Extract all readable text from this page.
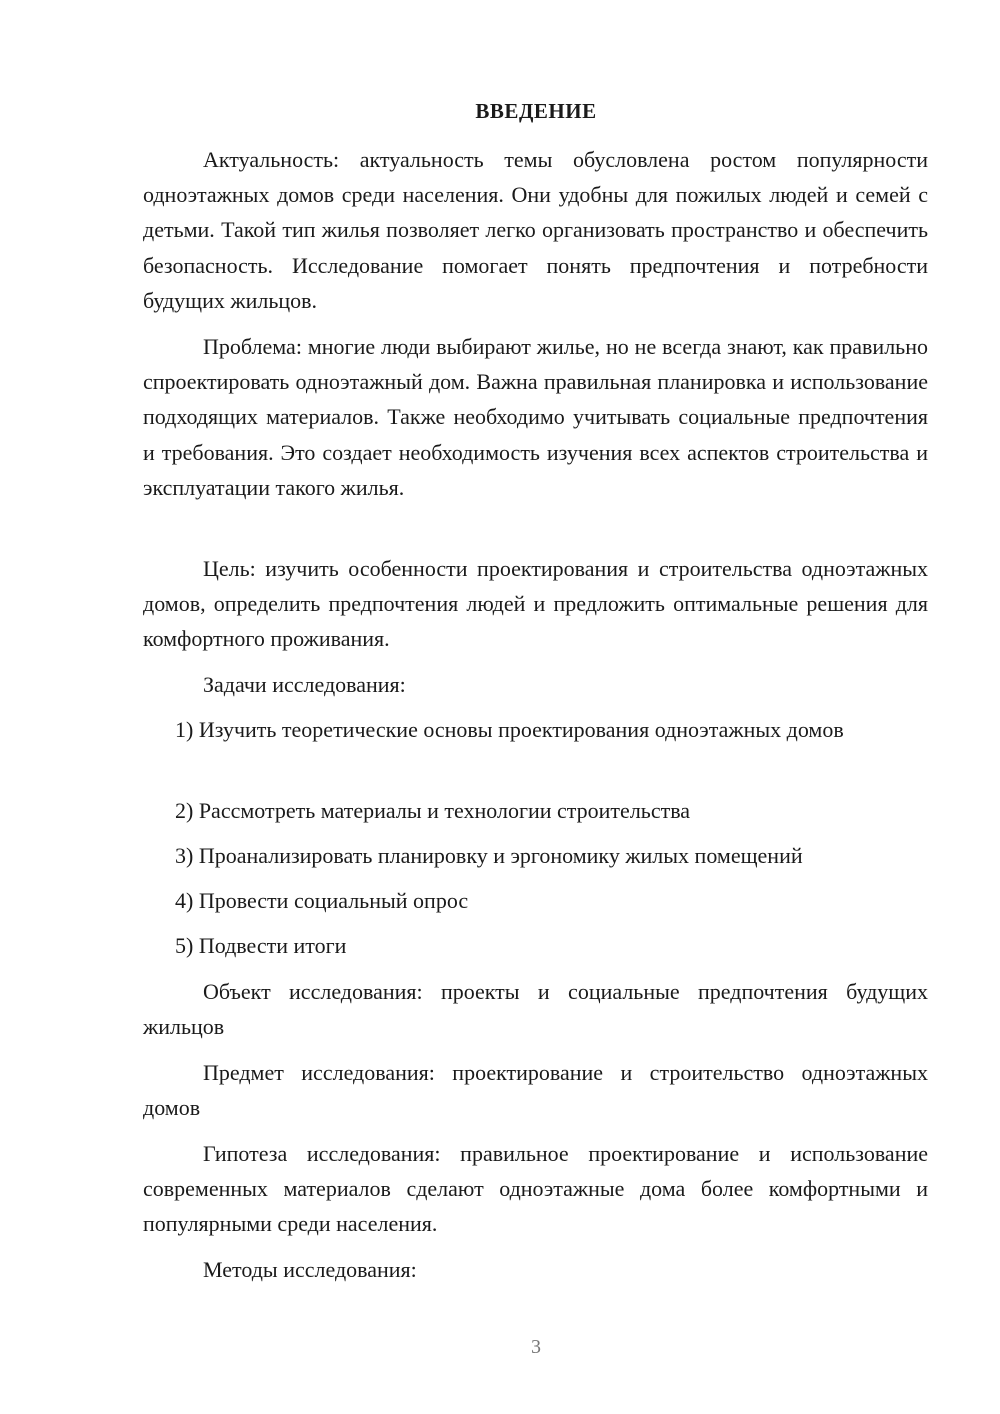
ВВЕДЕНИЕ

Актуальность: актуальность темы обусловлена ростом популярности одноэтажных домов среди населения. Они удобны для пожилых людей и семей с детьми. Такой тип жилья позволяет легко организовать пространство и обеспечить безопасность. Исследование помогает понять предпочтения и потребности будущих жильцов.

Проблема: многие люди выбирают жилье, но не всегда знают, как правильно спроектировать одноэтажный дом. Важна правильная планировка и использование подходящих материалов. Также необходимо учитывать социальные предпочтения и требования. Это создает необходимость изучения всех аспектов строительства и эксплуатации такого жилья.

Цель: изучить особенности проектирования и строительства одноэтажных домов, определить предпочтения людей и предложить оптимальные решения для комфортного проживания.

Задачи исследования:

1) Изучить теоретические основы проектирования одноэтажных домов

2) Рассмотреть материалы и технологии строительства

3) Проанализировать планировку и эргономику жилых помещений

4) Провести социальный опрос

5) Подвести итоги

Объект исследования: проекты и социальные предпочтения будущих жильцов

Предмет исследования: проектирование и строительство одноэтажных домов

Гипотеза исследования: правильное проектирование и использование современных материалов сделают одноэтажные дома более комфортными и популярными среди населения.

Методы исследования:

3
